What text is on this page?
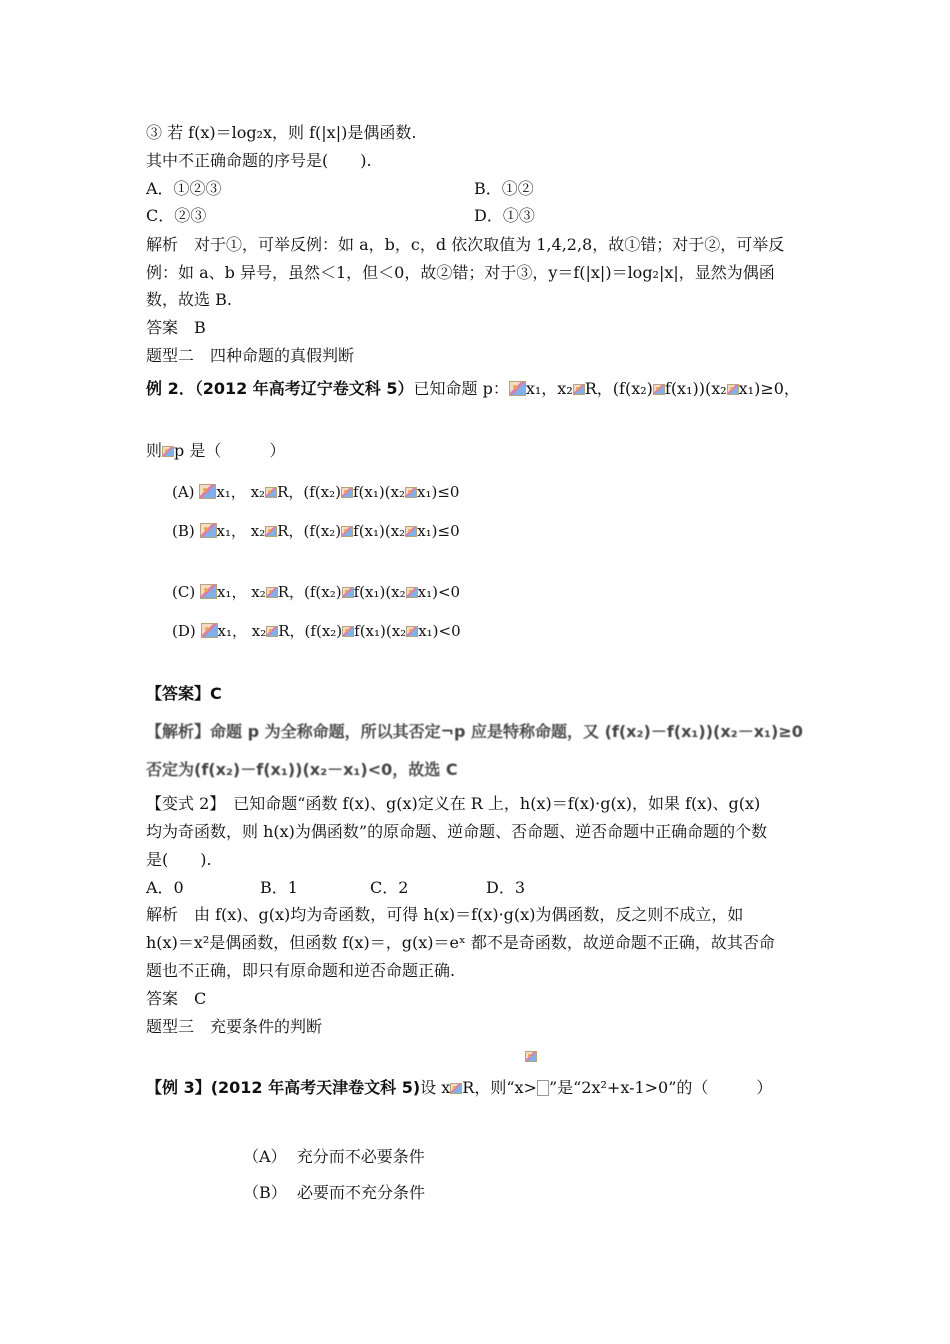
③ 若 f(x)＝log₂x，则 f(|x|)是偶函数.
其中不正确命题的序号是(　　).
A．①②③	B．①②
C．②③	D．①③
解析　对于①，可举反例：如 a，b，c，d 依次取值为 1,4,2,8，故①错；对于②，可举反
例：如 a、b 异号，虽然＜1，但＜0，故②错；对于③，y＝f(|x|)＝log₂|x|，显然为偶函
数，故选 B.
答案　B
题型二　四种命题的真假判断
例 2．（2012 年高考辽宁卷文科 5）已知命题 p： x₁，x₂ R，(f(x₂) f(x₁))(x₂ x₁)≥0，
则 p 是（　　　）
(A) x₁， x₂ R，(f(x₂) f(x₁)(x₂ x₁)≤0
(B) x₁， x₂ R，(f(x₂) f(x₁)(x₂ x₁)≤0
(C) x₁， x₂ R，(f(x₂) f(x₁)(x₂ x₁)<0
(D) x₁， x₂ R，(f(x₂) f(x₁)(x₂ x₁)<0
【答案】C
【解析】命题 p 为全称命题，所以其否定¬p 应是特称命题，又 (f(x₂)－f(x₁))(x₂－x₁)≥0
否定为(f(x₂)－f(x₁))(x₂－x₁)<0，故选 C
【变式 2】　已知命题“函数 f(x)、g(x)定义在 R 上，h(x)＝f(x)·g(x)，如果 f(x)、g(x)
均为奇函数，则 h(x)为偶函数”的原命题、逆命题、否命题、逆否命题中正确命题的个数
是(　　).
A．0	B．1	C．2	D．3
解析　由 f(x)、g(x)均为奇函数，可得 h(x)＝f(x)·g(x)为偶函数，反之则不成立，如
h(x)＝x²是偶函数，但函数 f(x)＝，g(x)＝eˣ 都不是奇函数，故逆命题不正确，故其否命
题也不正确，即只有原命题和逆否命题正确.
答案　C
题型三　充要条件的判断
【例 3】(2012 年高考天津卷文科 5)设 x R，则“x> ”是“2x²+x-1>0”的（　　　）
（A） 充分而不必要条件
（B） 必要而不充分条件
